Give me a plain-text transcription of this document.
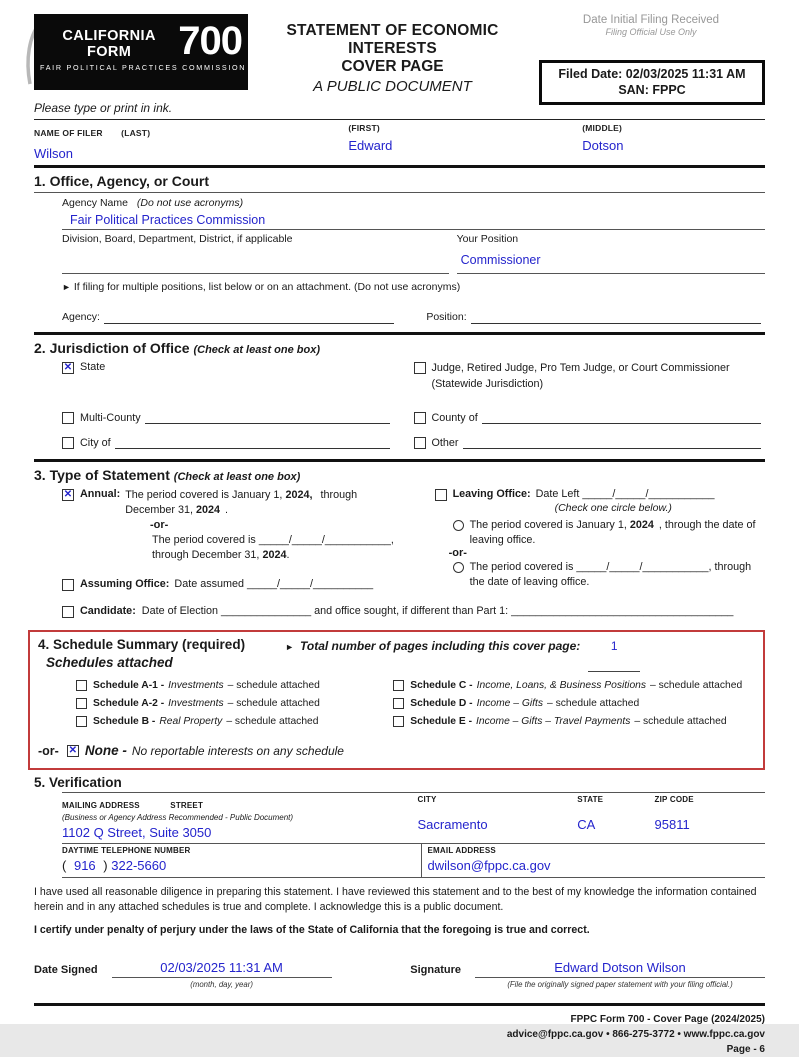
CALIFORNIA FORM	700
FAIR POLITICAL PRACTICES COMMISSION
STATEMENT OF ECONOMIC INTERESTS
COVER PAGE
A PUBLIC DOCUMENT
Date Initial Filing Received
Filing Official Use Only
Filed Date: 02/03/2025 11:31 AM
SAN: FPPC
Please type or print in ink.
NAME OF FILER (LAST)
Wilson
(FIRST)
Edward
(MIDDLE)
Dotson
1. Office, Agency, or Court
Agency Name (Do not use acronyms)
Fair Political Practices Commission
Division, Board, Department, District, if applicable	Your Position
Commissioner
► If filing for multiple positions, list below or on an attachment. (Do not use acronyms)
Agency:	Position:
2. Jurisdiction of Office (Check at least one box)
✕ State	Judge, Retired Judge, Pro Tem Judge, or Court Commissioner
(Statewide Jurisdiction)
Multi-County	County of
City of	Other
3. Type of Statement (Check at least one box)
✕ Annual: The period covered is January 1, 2024, through December 31, 2024 .
-or-
The period covered is _____/_____/___________, through December 31, 2024.
Assuming Office: Date assumed _____/_____/__________
Leaving Office: Date Left _____/_____/___________
(Check one circle below.)
The period covered is January 1, 2024 , through the date of leaving office.
-or-
The period covered is _____/_____/___________, through the date of leaving office.
Candidate: Date of Election _______________ and office sought, if different than Part 1: _____________________________________
4. Schedule Summary (required)
Schedules attached
► Total number of pages including this cover page:	1
Schedule A-1 - Investments – schedule attached	Schedule C - Income, Loans, & Business Positions – schedule attached
Schedule A-2 - Investments – schedule attached	Schedule D - Income – Gifts – schedule attached
Schedule B - Real Property – schedule attached	Schedule E - Income – Gifts – Travel Payments – schedule attached
-or- ✕ None - No reportable interests on any schedule
5. Verification
MAILING ADDRESS	STREET
(Business or Agency Address Recommended - Public Document)
1102 Q Street, Suite 3050
CITY
Sacramento
STATE
CA
ZIP CODE
95811
DAYTIME TELEPHONE NUMBER
( 916 ) 322-5660
EMAIL ADDRESS
dwilson@fppc.ca.gov
I have used all reasonable diligence in preparing this statement. I have reviewed this statement and to the best of my knowledge the information contained herein and in any attached schedules is true and complete. I acknowledge this is a public document.
I certify under penalty of perjury under the laws of the State of California that the foregoing is true and correct.
Date Signed	02/03/2025 11:31 AM
(month, day, year)
Signature	Edward Dotson Wilson
(File the originally signed paper statement with your filing official.)
FPPC Form 700 - Cover Page (2024/2025)
advice@fppc.ca.gov • 866-275-3772 • www.fppc.ca.gov
Page - 6
